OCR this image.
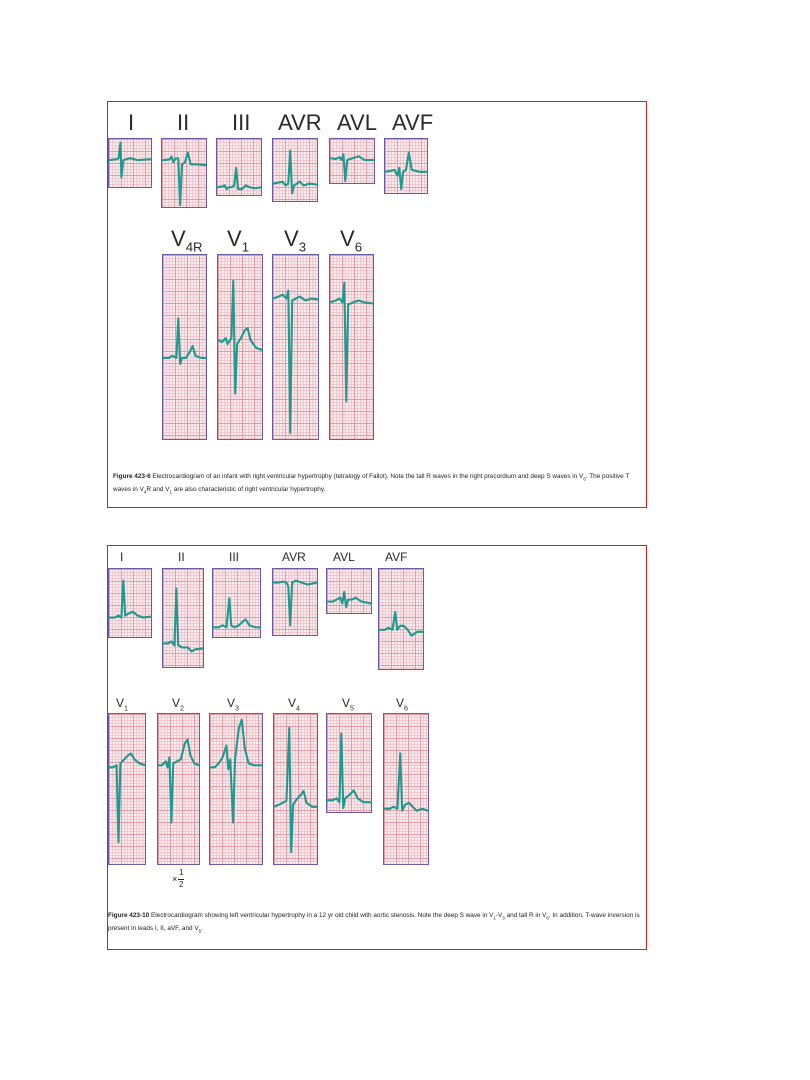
I II III AVR AVL AVF
$V_{4R}$ $V_1$ $V_3$ $V_6$
Figure 423-6 Electrocardiogram of an infant with right ventricular hypertrophy (tetralogy of Fallot). Note the tall R waves in the right precordium and deep S waves in $V_6$. The positive T waves in $V_4R$ and $V_1$ are also characteristic of right ventricular hypertrophy.
I	II	III	AVR AVL	AVF
$V_1$	$V_2$	$V_3$	$V_4$	$V_5$	$V_6$
×
1
2
Figure 423-10 Electrocardiogram showing left ventricular hypertrophy in a 12 yr old child with aortic stenosis. Note the deep S wave in $V_1-V_3$ and tall R in $V_6$. In addition, T-wave inversion is present in leads I, II, aVF, and $V_6$.
